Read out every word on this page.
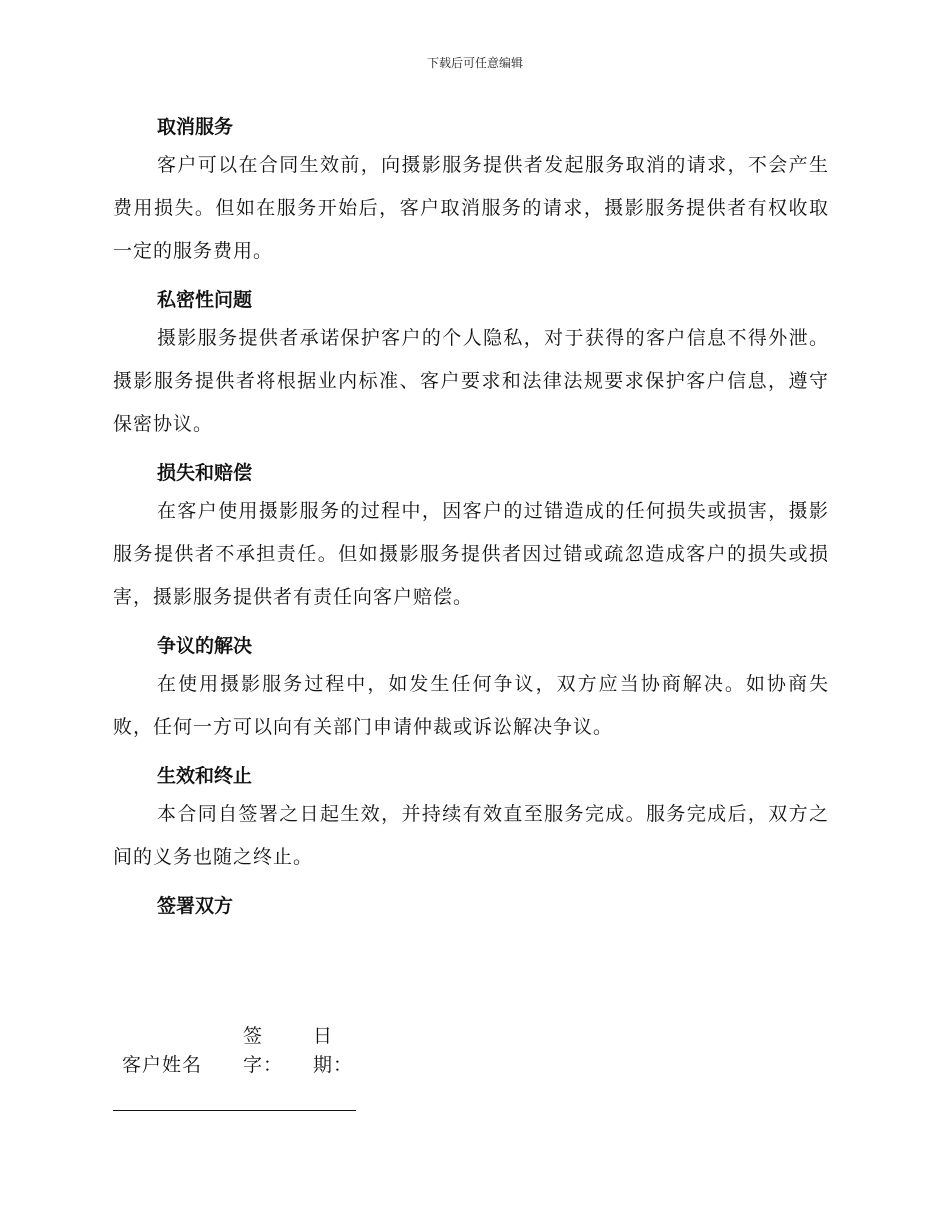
下载后可任意编辑
取消服务

客户可以在合同生效前，向摄影服务提供者发起服务取消的请求，不会产生费用损失。但如在服务开始后，客户取消服务的请求，摄影服务提供者有权收取一定的服务费用。

私密性问题

摄影服务提供者承诺保护客户的个人隐私，对于获得的客户信息不得外泄。摄影服务提供者将根据业内标准、客户要求和法律法规要求保护客户信息，遵守保密协议。

损失和赔偿

在客户使用摄影服务的过程中，因客户的过错造成的任何损失或损害，摄影服务提供者不承担责任。但如摄影服务提供者因过错或疏忽造成客户的损失或损害，摄影服务提供者有责任向客户赔偿。

争议的解决

在使用摄影服务过程中，如发生任何争议，双方应当协商解决。如协商失败，任何一方可以向有关部门申请仲裁或诉讼解决争议。

生效和终止

本合同自签署之日起生效，并持续有效直至服务完成。服务完成后，双方之间的义务也随之终止。

签署双方
客户姓名
签字：
日期：
